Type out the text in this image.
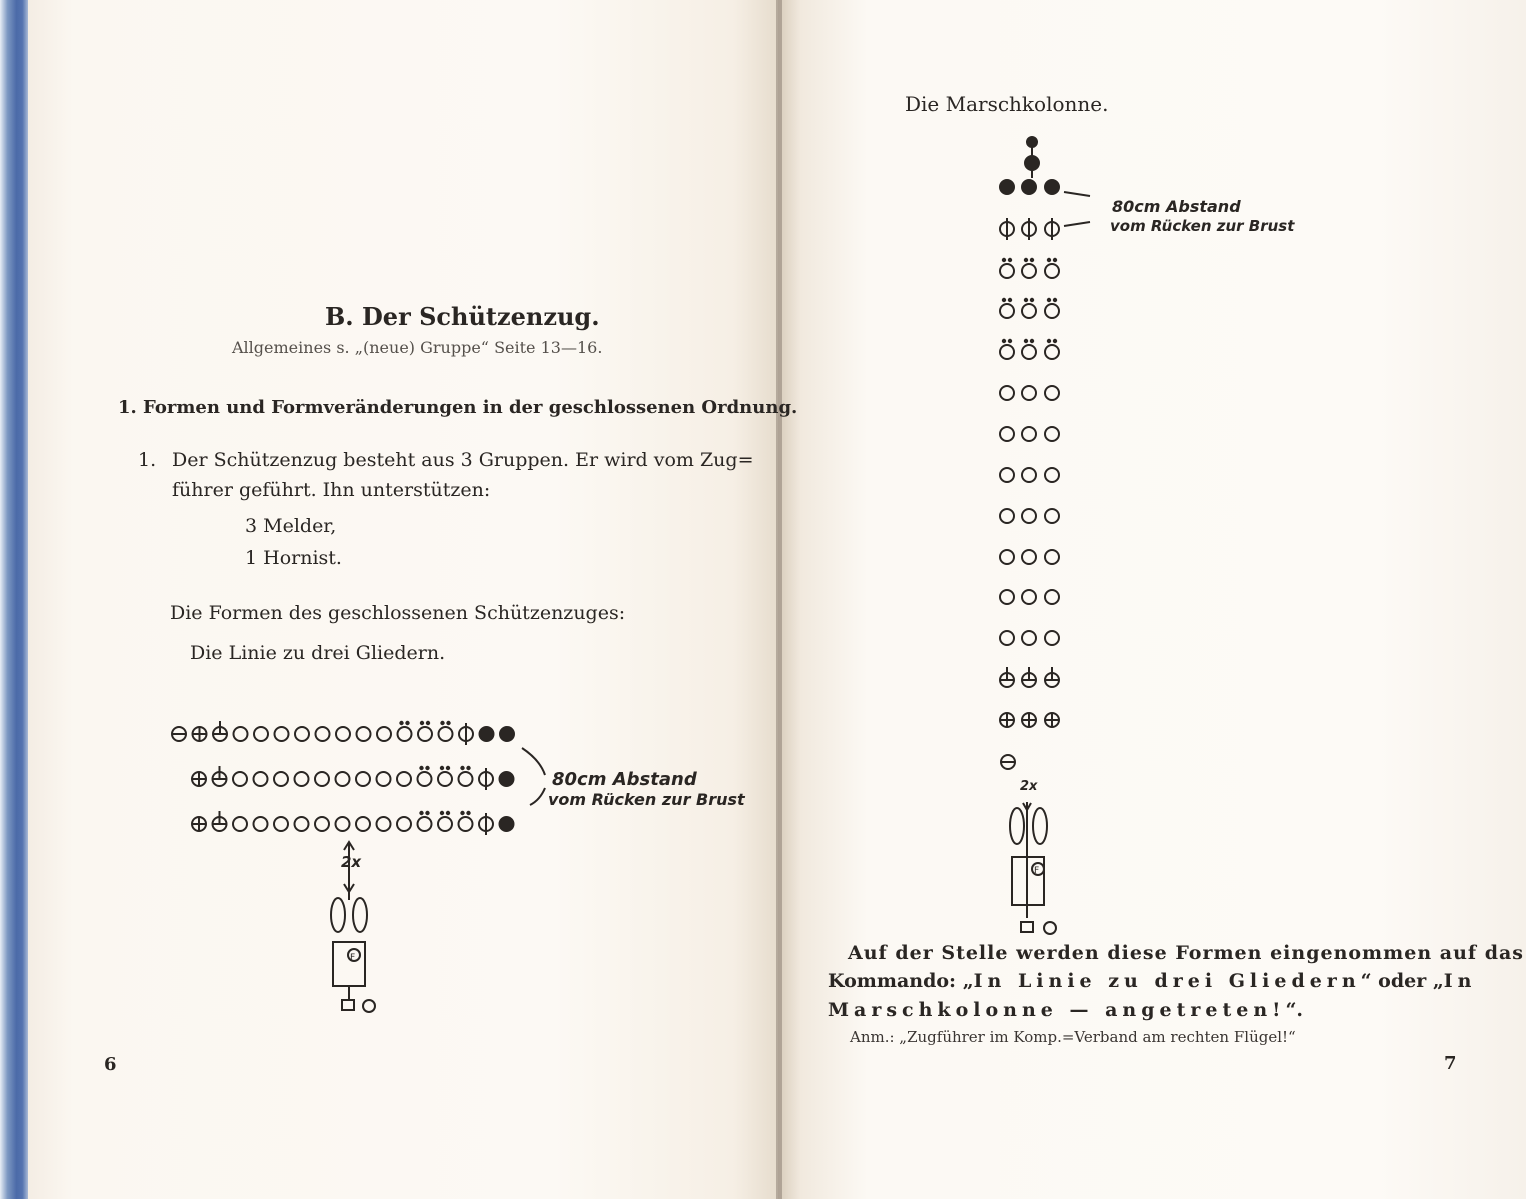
B. Der Schützenzug.
Allgemeines s. „(neue) Gruppe“ Seite 13—16.
1. Formen und Formveränderungen in der geschlossenen Ordnung.
1. Der Schützenzug besteht aus 3 Gruppen. Er wird vom Zug=
führer geführt. Ihn unterstützen:
3 Melder,
1 Hornist.
Die Formen des geschlossenen Schützenzuges:
Die Linie zu drei Gliedern.
2x
80cm Abstand
vom Rücken zur Brust
F
6
Die Marschkolonne.
80cm Abstand
vom Rücken zur Brust
2x
F
Auf der Stelle werden diese Formen eingenommen auf das
Kommando: „In Linie zu drei Gliedern“ oder „In
Marschkolonne — angetreten!“.
Anm.: „Zugführer im Komp.=Verband am rechten Flügel!“
7
